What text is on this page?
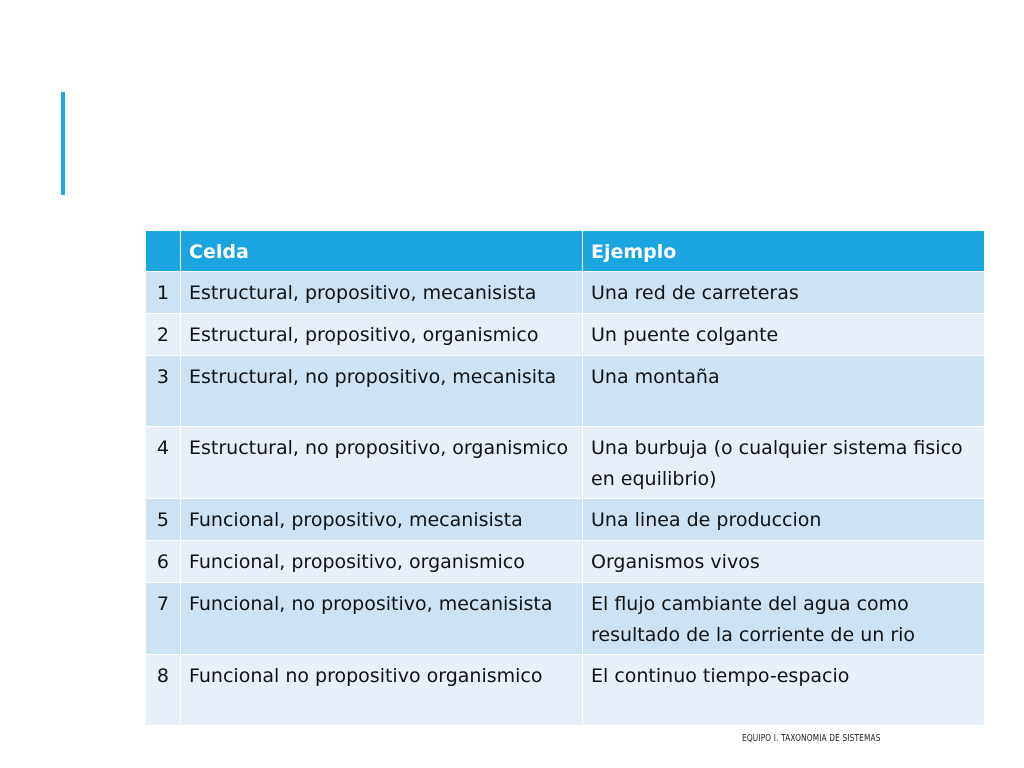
	Celda	Ejemplo
1	Estructural, propositivo, mecanisista	Una red de carreteras
2	Estructural, propositivo, organismico	Un puente colgante
3	Estructural, no propositivo, mecanisita	Una montaña
4	Estructural, no propositivo, organismico	Una burbuja (o cualquier sistema fisico en equilibrio)
5	Funcional, propositivo, mecanisista	Una linea de produccion
6	Funcional, propositivo, organismico	Organismos vivos
7	Funcional, no propositivo, mecanisista	El flujo cambiante del agua como resultado de la corriente de un rio
8	Funcional no propositivo organismico	El continuo tiempo-espacio
EQUIPO I. TAXONOMIA DE SISTEMAS
